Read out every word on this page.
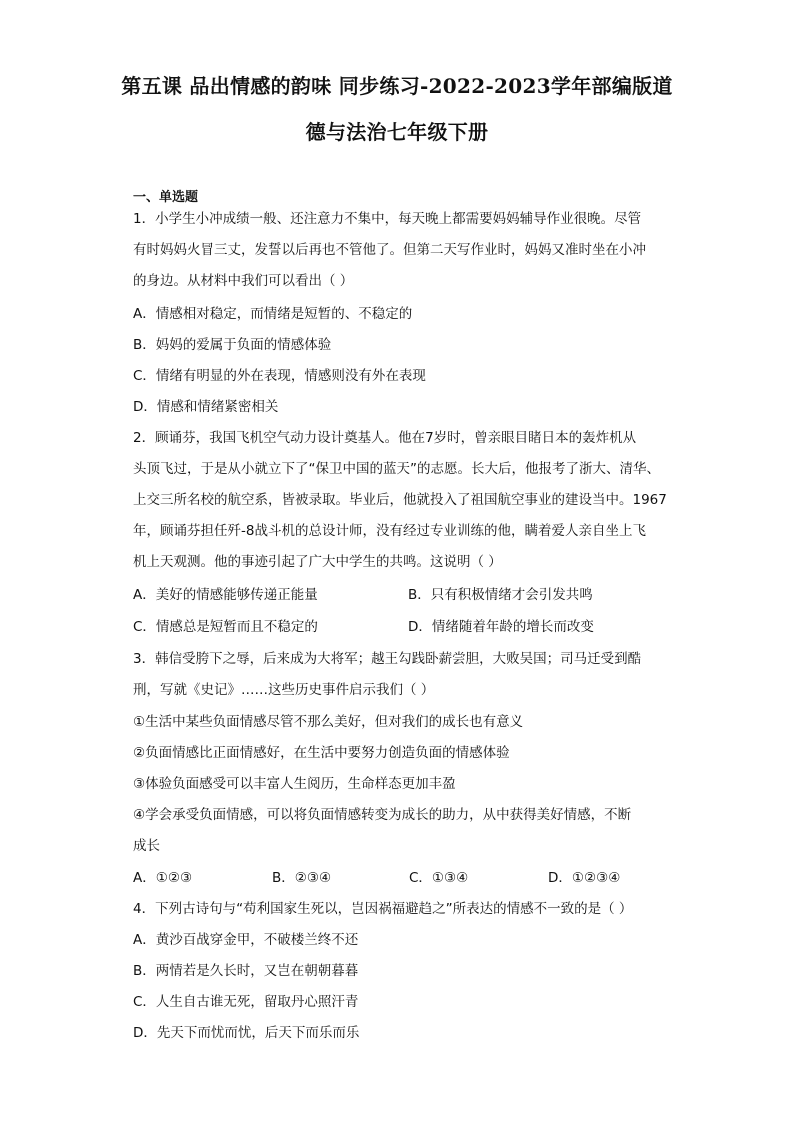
第五课 品出情感的韵味 同步练习-2022-2023学年部编版道
德与法治七年级下册
一、单选题
1．小学生小冲成绩一般、还注意力不集中，每天晚上都需要妈妈辅导作业很晚。尽管
有时妈妈火冒三丈，发誓以后再也不管他了。但第二天写作业时，妈妈又准时坐在小冲
的身边。从材料中我们可以看出（ ）
A．情感相对稳定，而情绪是短暂的、不稳定的
B．妈妈的爱属于负面的情感体验
C．情绪有明显的外在表现，情感则没有外在表现
D．情感和情绪紧密相关
2．顾诵芬，我国飞机空气动力设计奠基人。他在7岁时，曾亲眼目睹日本的轰炸机从
头顶飞过，于是从小就立下了“保卫中国的蓝天”的志愿。长大后，他报考了浙大、清华、
上交三所名校的航空系，皆被录取。毕业后，他就投入了祖国航空事业的建设当中。1967
年，顾诵芬担任歼-8战斗机的总设计师，没有经过专业训练的他，瞒着爱人亲自坐上飞
机上天观测。他的事迹引起了广大中学生的共鸣。这说明（ ）
A．美好的情感能够传递正能量	B．只有积极情绪才会引发共鸣
C．情感总是短暂而且不稳定的	D．情绪随着年龄的增长而改变
3．韩信受胯下之辱，后来成为大将军；越王勾践卧薪尝胆，大败吴国；司马迁受到酷
刑，写就《史记》……这些历史事件启示我们（ ）
①生活中某些负面情感尽管不那么美好，但对我们的成长也有意义
②负面情感比正面情感好，在生活中要努力创造负面的情感体验
③体验负面感受可以丰富人生阅历，生命样态更加丰盈
④学会承受负面情感，可以将负面情感转变为成长的助力，从中获得美好情感，不断
成长
A．①②③	B．②③④	C．①③④	D．①②③④
4．下列古诗句与“苟利国家生死以，岂因祸福避趋之”所表达的情感不一致的是（ ）
A．黄沙百战穿金甲，不破楼兰终不还
B．两情若是久长时，又岂在朝朝暮暮
C．人生自古谁无死，留取丹心照汗青
D．先天下而忧而忧，后天下而乐而乐
